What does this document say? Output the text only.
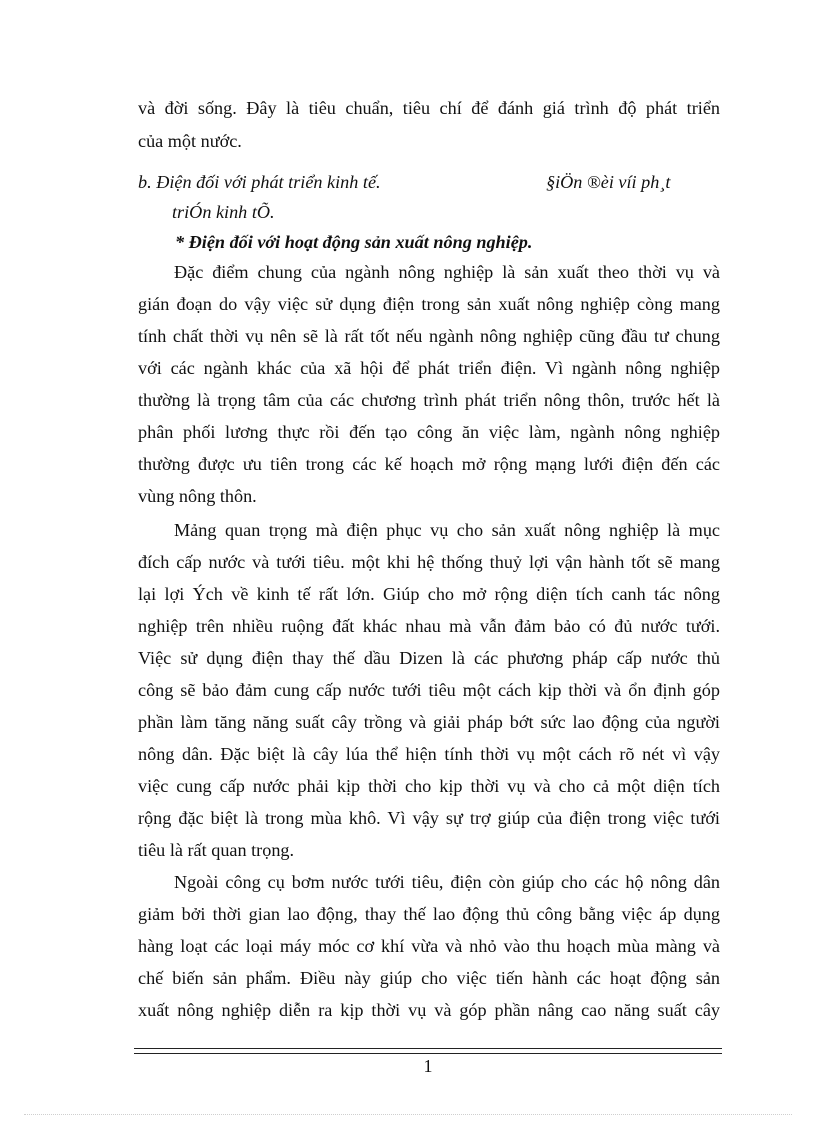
và đời sống. Đây là tiêu chuẩn, tiêu chí để đánh giá trình độ phát triển
của một nước.
b. Điện đối với phát triển kinh tế.	§iÖn ®èi víi ph¸t
triÓn kinh tÕ.
* Điện đối với hoạt động sản xuất nông nghiệp.
Đặc điểm chung của ngành nông nghiệp là sản xuất theo thời vụ và
gián đoạn do vậy việc sử dụng điện trong sản xuất nông nghiệp còng mang
tính chất thời vụ nên sẽ là rất tốt nếu ngành nông nghiệp cũng đầu tư chung
với các ngành khác của xã hội để phát triển điện. Vì ngành nông nghiệp
thường là trọng tâm của các chương trình phát triển nông thôn, trước hết là
phân phối lương thực rồi đến tạo công ăn việc làm, ngành nông nghiệp
thường được ưu tiên trong các kế hoạch mở rộng mạng lưới điện đến các
vùng nông thôn.
Mảng quan trọng mà điện phục vụ cho sản xuất nông nghiệp là mục
đích cấp nước và tưới tiêu. một khi hệ thống thuỷ lợi vận hành tốt sẽ mang
lại lợi Ých về kinh tế rất lớn. Giúp cho mở rộng diện tích canh tác nông
nghiệp trên nhiều ruộng đất khác nhau mà vẫn đảm bảo có đủ nước tưới.
Việc sử dụng điện thay thế dầu Dizen là các phương pháp cấp nước thủ
công sẽ bảo đảm cung cấp nước tưới tiêu một cách kịp thời và ổn định góp
phần làm tăng năng suất cây trồng và giải pháp bớt sức lao động của người
nông dân. Đặc biệt là cây lúa thể hiện tính thời vụ một cách rõ nét vì vậy
việc cung cấp nước phải kịp thời cho kịp thời vụ và cho cả một diện tích
rộng đặc biệt là trong mùa khô. Vì vậy sự trợ giúp của điện trong việc tưới
tiêu là rất quan trọng.
Ngoài công cụ bơm nước tưới tiêu, điện còn giúp cho các hộ nông dân
giảm bởi thời gian lao động, thay thế lao động thủ công bằng việc áp dụng
hàng loạt các loại máy móc cơ khí vừa và nhỏ vào thu hoạch mùa màng và
chế biến sản phẩm. Điều này giúp cho việc tiến hành các hoạt động sản
xuất nông nghiệp diễn ra kịp thời vụ và góp phần nâng cao năng suất cây
1
